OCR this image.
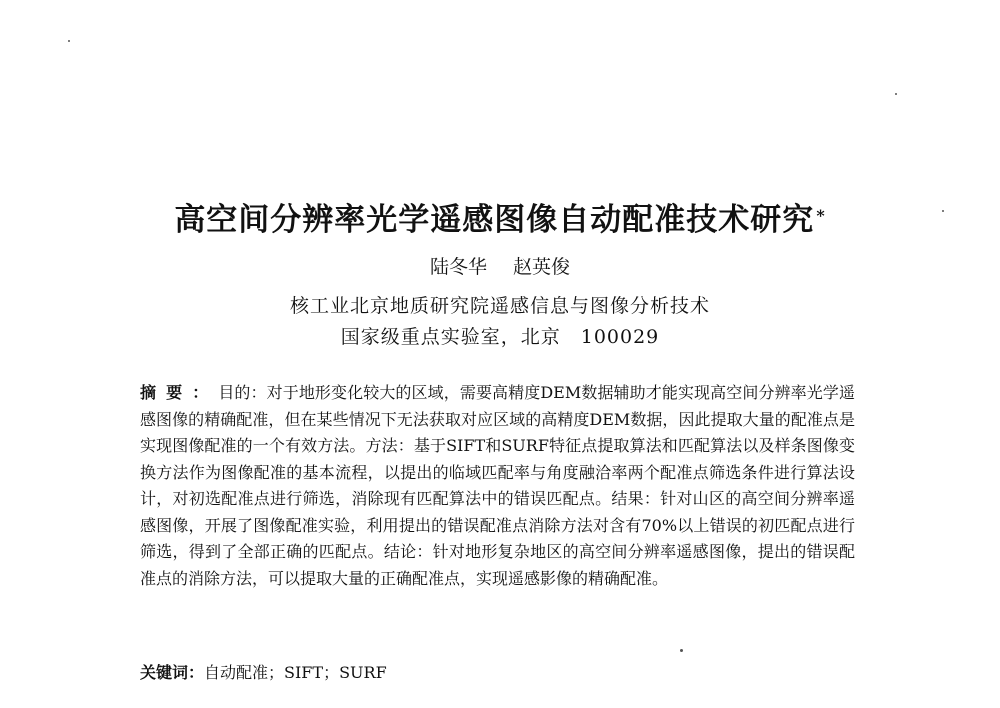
高空间分辨率光学遥感图像自动配准技术研究 *
陆冬华 赵英俊
核工业北京地质研究院遥感信息与图像分析技术
国家级重点实验室，北京　100029
摘要：目的：对于地形变化较大的区域，需要高精度DEM数据辅助才能实现高空间分辨率光学遥感图像的精确配准，但在某些情况下无法获取对应区域的高精度DEM数据，因此提取大量的配准点是实现图像配准的一个有效方法。方法：基于SIFT和SURF特征点提取算法和匹配算法以及样条图像变换方法作为图像配准的基本流程，以提出的临域匹配率与角度融洽率两个配准点筛选条件进行算法设计，对初选配准点进行筛选，消除现有匹配算法中的错误匹配点。结果：针对山区的高空间分辨率遥感图像，开展了图像配准实验，利用提出的错误配准点消除方法对含有70%以上错误的初匹配点进行筛选，得到了全部正确的匹配点。结论：针对地形复杂地区的高空间分辨率遥感图像，提出的错误配准点的消除方法，可以提取大量的正确配准点，实现遥感影像的精确配准。
关键词：自动配准；SIFT；SURF
